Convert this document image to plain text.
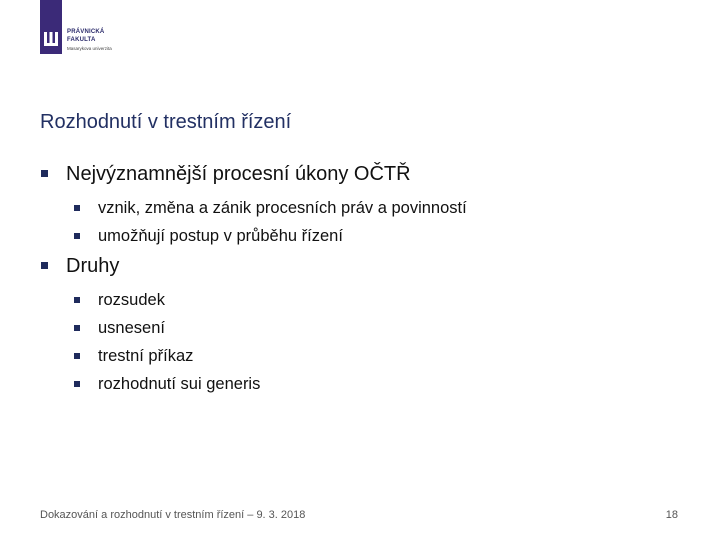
PRÁVNICKÁ
FAKULTA
Masarykova univerzita
Rozhodnutí v trestním řízení
Nejvýznamnější procesní úkony OČTŘ
vznik, změna a zánik procesních práv a povinností
umožňují postup v průběhu řízení
Druhy
rozsudek
usnesení
trestní příkaz
rozhodnutí sui generis
Dokazování a rozhodnutí v trestním řízení – 9. 3. 2018	18
